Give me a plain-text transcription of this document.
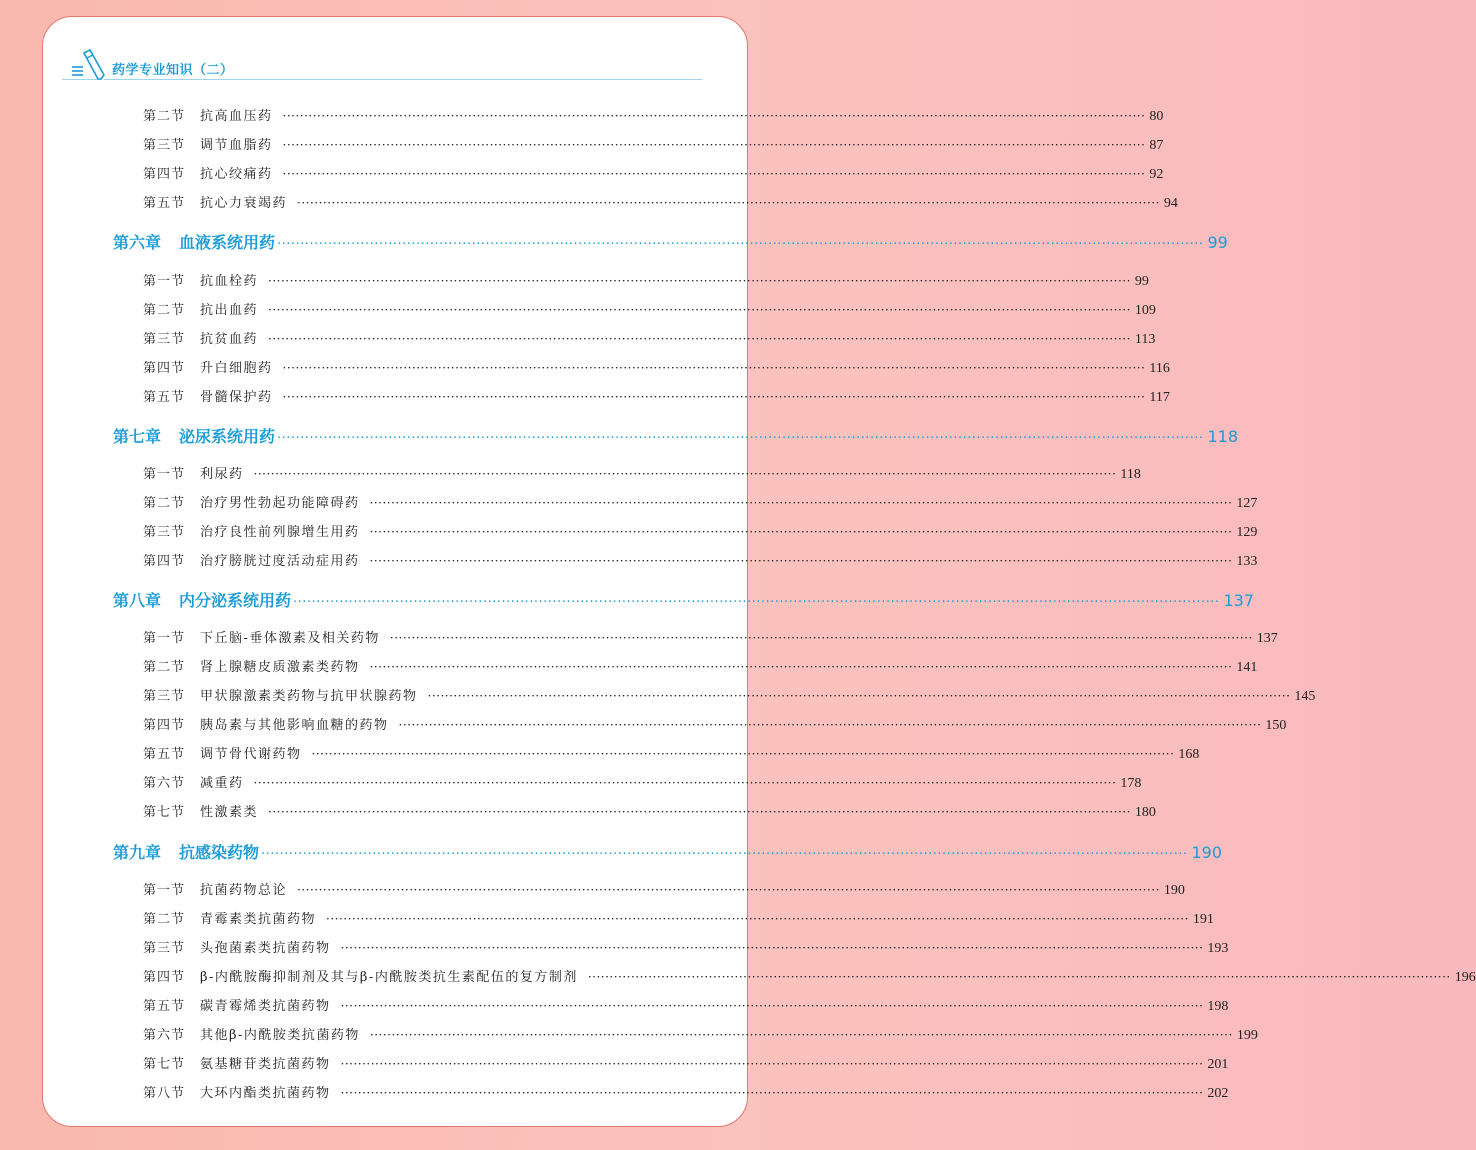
药学专业知识（二）
第二节	抗高血压药 ········································································································································································································ 80
第三节	调节血脂药 ········································································································································································································ 87
第四节	抗心绞痛药 ········································································································································································································ 92
第五节	抗心力衰竭药 ········································································································································································································ 94
第六章	血液系统用药 ········································································································································································································ 99
第一节	抗血栓药 ········································································································································································································ 99
第二节	抗出血药 ········································································································································································································ 109
第三节	抗贫血药 ········································································································································································································ 113
第四节	升白细胞药 ········································································································································································································ 116
第五节	骨髓保护药 ········································································································································································································ 117
第七章	泌尿系统用药 ········································································································································································································ 118
第一节	利尿药 ········································································································································································································ 118
第二节	治疗男性勃起功能障碍药 ········································································································································································································ 127
第三节	治疗良性前列腺增生用药 ········································································································································································································ 129
第四节	治疗膀胱过度活动症用药 ········································································································································································································ 133
第八章	内分泌系统用药 ········································································································································································································ 137
第一节	下丘脑-垂体激素及相关药物 ········································································································································································································ 137
第二节	肾上腺糖皮质激素类药物 ········································································································································································································ 141
第三节	甲状腺激素类药物与抗甲状腺药物 ········································································································································································································ 145
第四节	胰岛素与其他影响血糖的药物 ········································································································································································································ 150
第五节	调节骨代谢药物 ········································································································································································································ 168
第六节	减重药 ········································································································································································································ 178
第七节	性激素类 ········································································································································································································ 180
第九章	抗感染药物 ········································································································································································································ 190
第一节	抗菌药物总论 ········································································································································································································ 190
第二节	青霉素类抗菌药物 ········································································································································································································ 191
第三节	头孢菌素类抗菌药物 ········································································································································································································ 193
第四节	β-内酰胺酶抑制剂及其与β-内酰胺类抗生素配伍的复方制剂 ········································································································································································································ 196
第五节	碳青霉烯类抗菌药物 ········································································································································································································ 198
第六节	其他β-内酰胺类抗菌药物 ········································································································································································································ 199
第七节	氨基糖苷类抗菌药物 ········································································································································································································ 201
第八节	大环内酯类抗菌药物 ········································································································································································································ 202
